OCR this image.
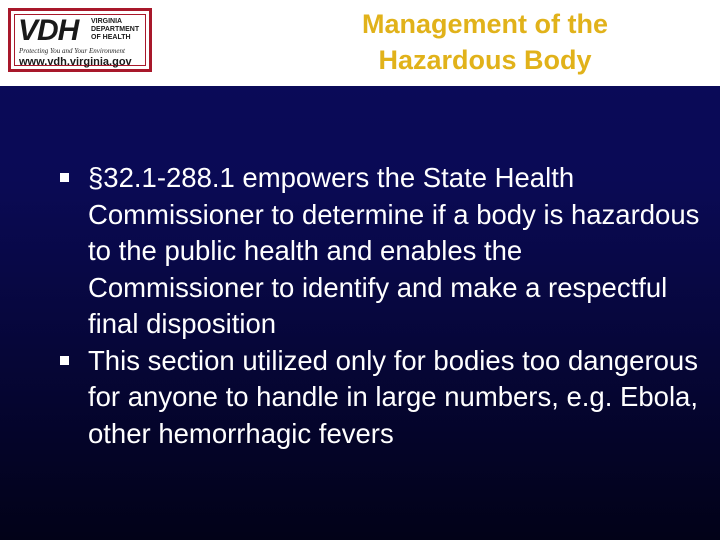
VDH VIRGINIA
DEPARTMENT
OF HEALTH
Protecting You and Your Environment
www.vdh.virginia.gov
Management of the
Hazardous Body

§32.1-288.1 empowers the State Health Commissioner to determine if a body is hazardous to the public health and enables the Commissioner to identify and make a respectful final disposition

This section utilized only for bodies too dangerous for anyone to handle in large numbers, e.g. Ebola, other hemorrhagic fevers
